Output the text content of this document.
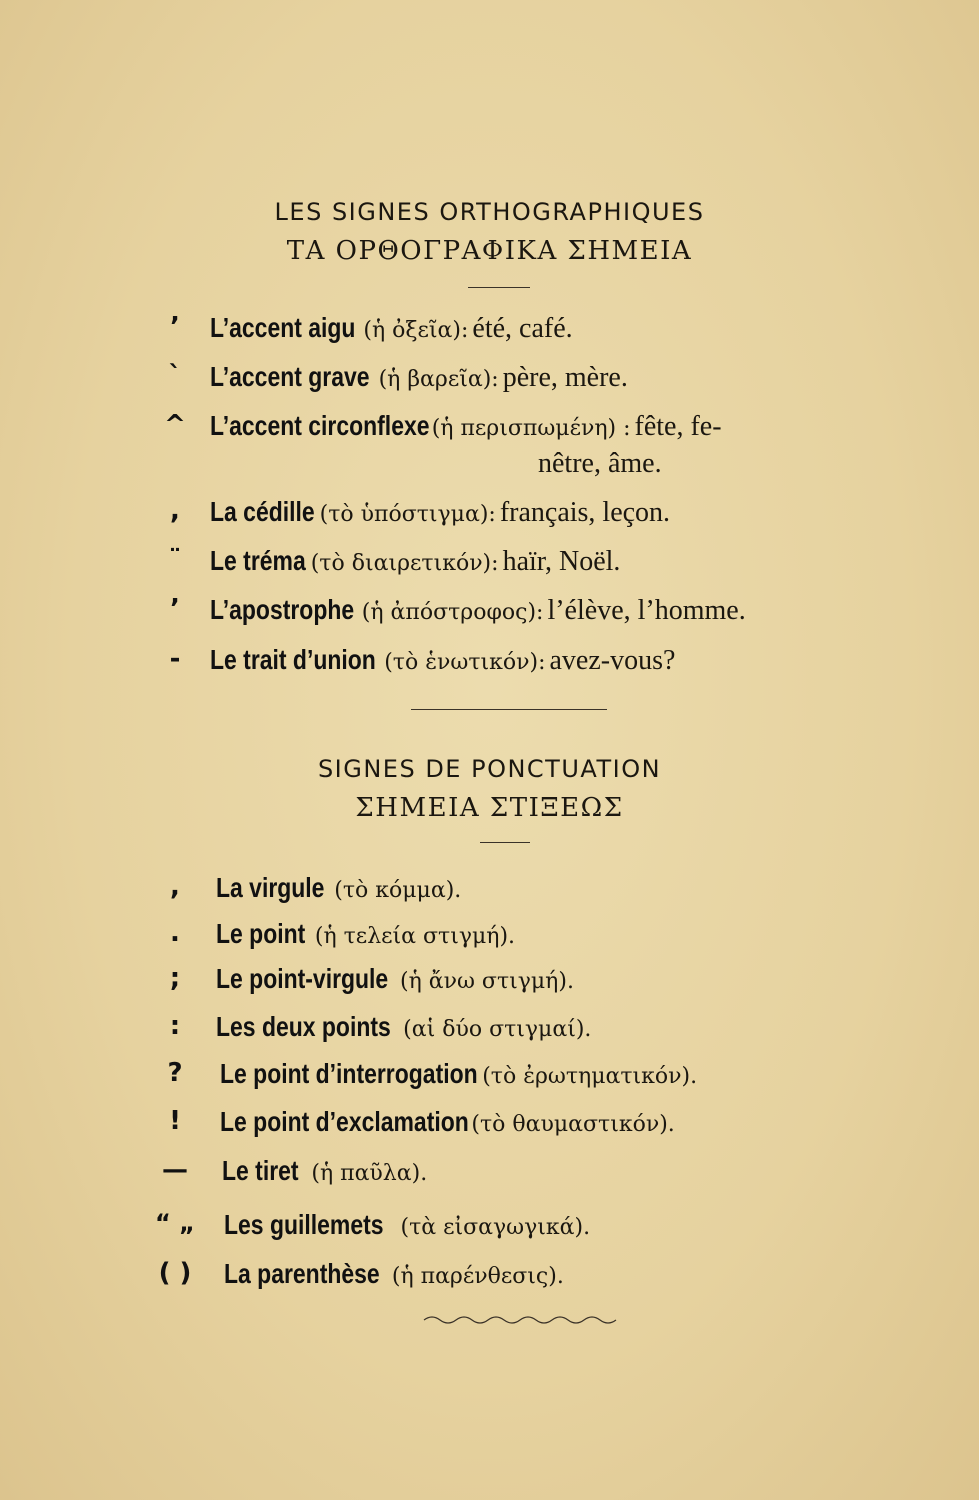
LES SIGNES ORTHOGRAPHIQUES
ΤΑ ΟΡΘΟΓΡΑΦΙΚΑ ΣΗΜΕΙΑ
ʼ	L’accent aigu (ἡ ὀξεῖα): été, café.
`	L’accent grave (ἡ βαρεῖα): père, mère.
^ L’accent circonflexe(ἡ περισπωμένη) : fête, fe-
nêtre, âme.
,	La cédille (τὸ ὑπόστιγμα): français, leçon.
¨	Le tréma (τὸ διαιρετικόν): haïr, Noël.
’	L’apostrophe (ἡ ἀπόστροφος): l’élève, l’homme.
-	Le trait d’union (τὸ ἑνωτικόν): avez-vous?
SIGNES DE PONCTUATION
ΣΗΜΕΙΑ ΣΤΙΞΕΩΣ
,	La virgule (τὸ κόμμα).
.	Le point (ἡ τελεία στιγμή).
;	Le point-virgule (ἡ ἄνω στιγμή).
:	Les deux points (αἱ δύο στιγμαί).
?	Le point d’interrogation (τὸ ἐρωτηματικόν).
!	Le point d’exclamation (τὸ θαυμαστικόν).
—	Le tiret (ἡ παῦλα).
“ „	Les guillemets (τὰ εἰσαγωγικά).
( )	La parenthèse (ἡ παρένθεσις).
